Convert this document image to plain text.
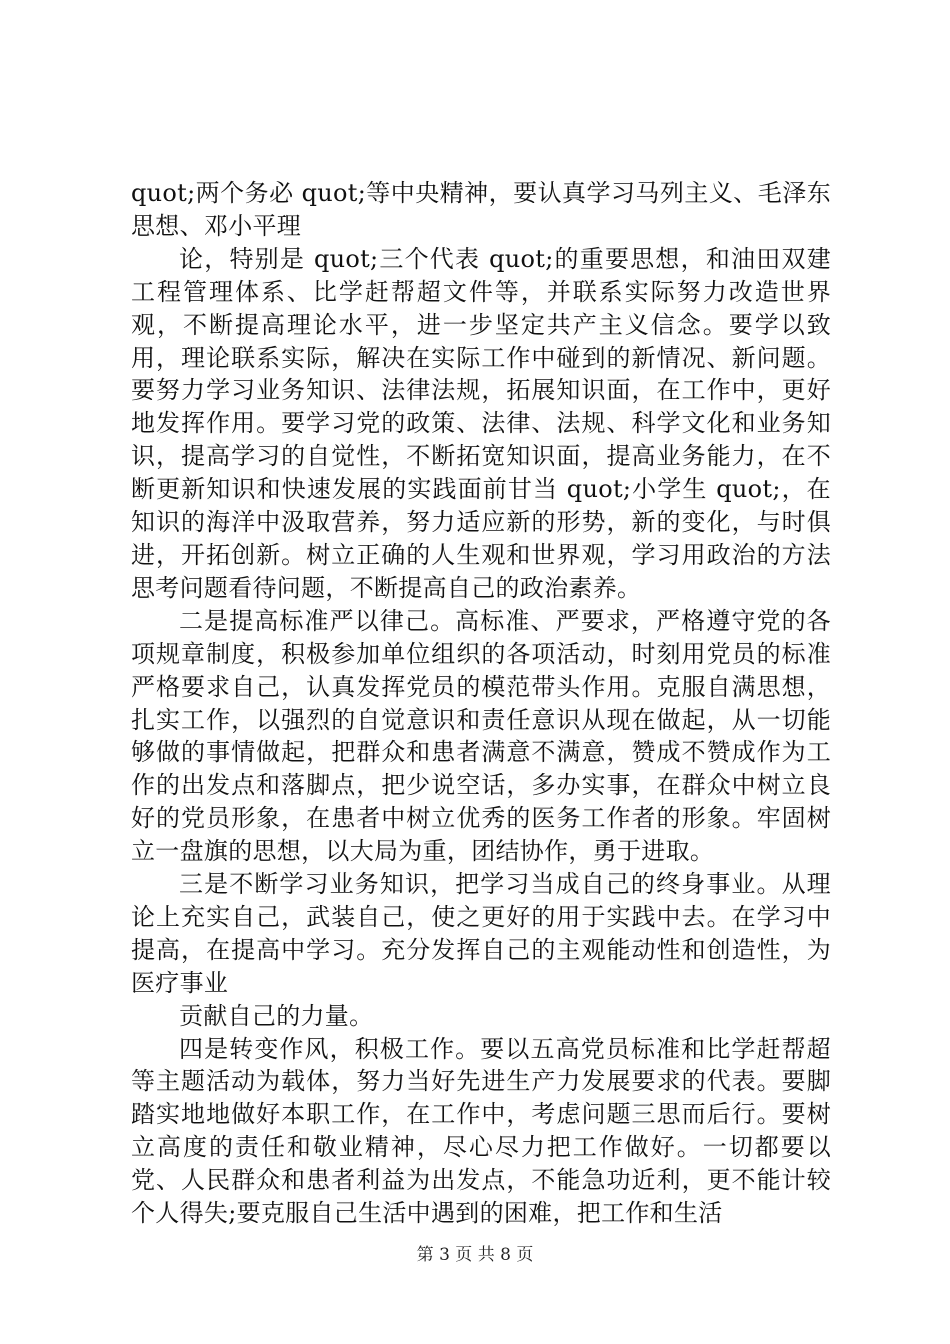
quot;两个务必 quot;等中央精神，要认真学习马列主义、毛泽东思想、邓小平理

论，特别是 quot;三个代表 quot;的重要思想，和油田双建工程管理体系、比学赶帮超文件等，并联系实际努力改造世界观，不断提高理论水平，进一步坚定共产主义信念。要学以致用，理论联系实际，解决在实际工作中碰到的新情况、新问题。要努力学习业务知识、法律法规，拓展知识面，在工作中，更好地发挥作用。要学习党的政策、法律、法规、科学文化和业务知识，提高学习的自觉性，不断拓宽知识面，提高业务能力，在不断更新知识和快速发展的实践面前甘当 quot;小学生 quot;，在知识的海洋中汲取营养，努力适应新的形势，新的变化，与时俱进，开拓创新。树立正确的人生观和世界观，学习用政治的方法思考问题看待问题，不断提高自己的政治素养。

二是提高标准严以律己。高标准、严要求，严格遵守党的各项规章制度，积极参加单位组织的各项活动，时刻用党员的标准严格要求自己，认真发挥党员的模范带头作用。克服自满思想，扎实工作，以强烈的自觉意识和责任意识从现在做起，从一切能够做的事情做起，把群众和患者满意不满意，赞成不赞成作为工作的出发点和落脚点，把少说空话，多办实事，在群众中树立良好的党员形象，在患者中树立优秀的医务工作者的形象。牢固树立一盘旗的思想，以大局为重，团结协作，勇于进取。

三是不断学习业务知识，把学习当成自己的终身事业。从理论上充实自己，武装自己，使之更好的用于实践中去。在学习中提高，在提高中学习。充分发挥自己的主观能动性和创造性，为医疗事业

贡献自己的力量。

四是转变作风，积极工作。要以五高党员标准和比学赶帮超等主题活动为载体，努力当好先进生产力发展要求的代表。要脚踏实地地做好本职工作，在工作中，考虑问题三思而后行。要树立高度的责任和敬业精神，尽心尽力把工作做好。一切都要以党、人民群众和患者利益为出发点，不能急功近利，更不能计较个人得失;要克服自己生活中遇到的困难，把工作和生活

第 3 页 共 8 页
